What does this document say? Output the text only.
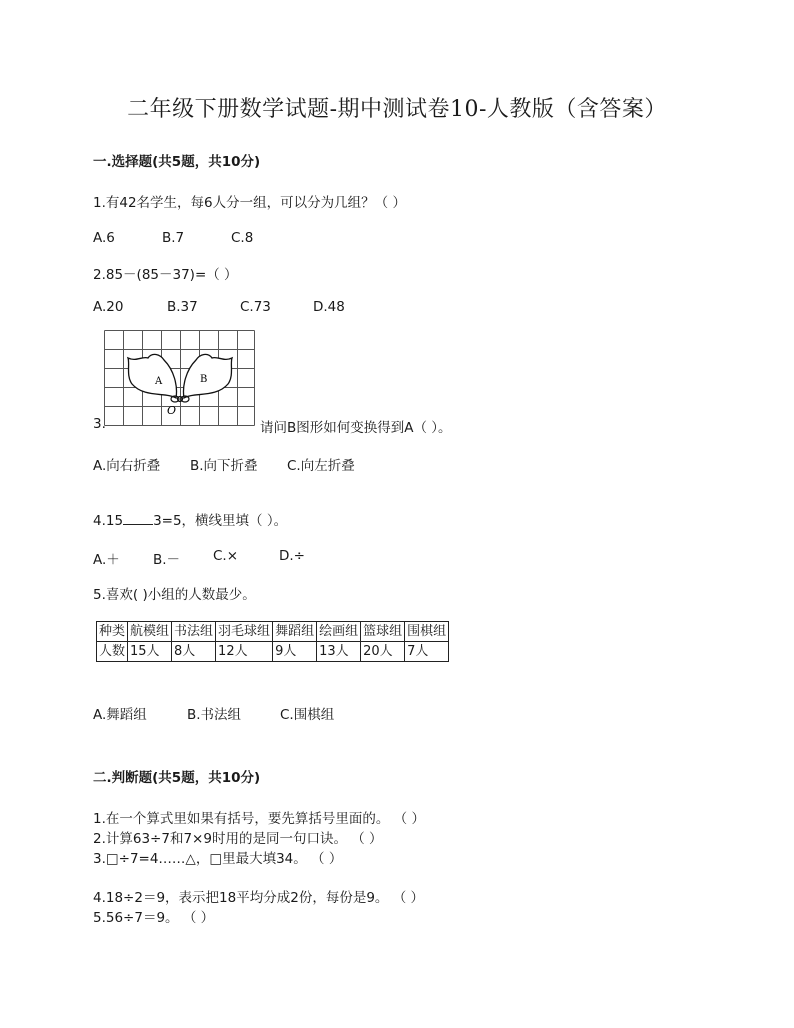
二年级下册数学试题-期中测试卷10-人教版（含答案）
一.选择题(共5题，共10分)
1.有42名学生，每6人分一组，可以分为几组？（ ）
A.6	B.7	C.8
2.85－(85－37)=（ ）
A.20	B.37	C.73	D.48
A	B
O
3.	请问B图形如何变换得到A（ ）。
A.向右折叠	B.向下折叠	C.向左折叠
4.15 3=5，横线里填（ ）。
A.＋	B.－	C.×	D.÷
5.喜欢( )小组的人数最少。
种类	航模组	书法组	羽毛球组	舞蹈组	绘画组	篮球组	围棋组
人数	15人	8人	12人	9人	13人	20人	7人
A.舞蹈组	B.书法组	C.围棋组
二.判断题(共5题，共10分)
1.在一个算式里如果有括号，要先算括号里面的。 （ ）
2.计算63÷7和7×9时用的是同一句口诀。 （ ）
3.□÷7=4……△，□里最大填34。 （ ）
4.18÷2＝9，表示把18平均分成2份，每份是9。 （ ）
5.56÷7＝9。 （ ）
